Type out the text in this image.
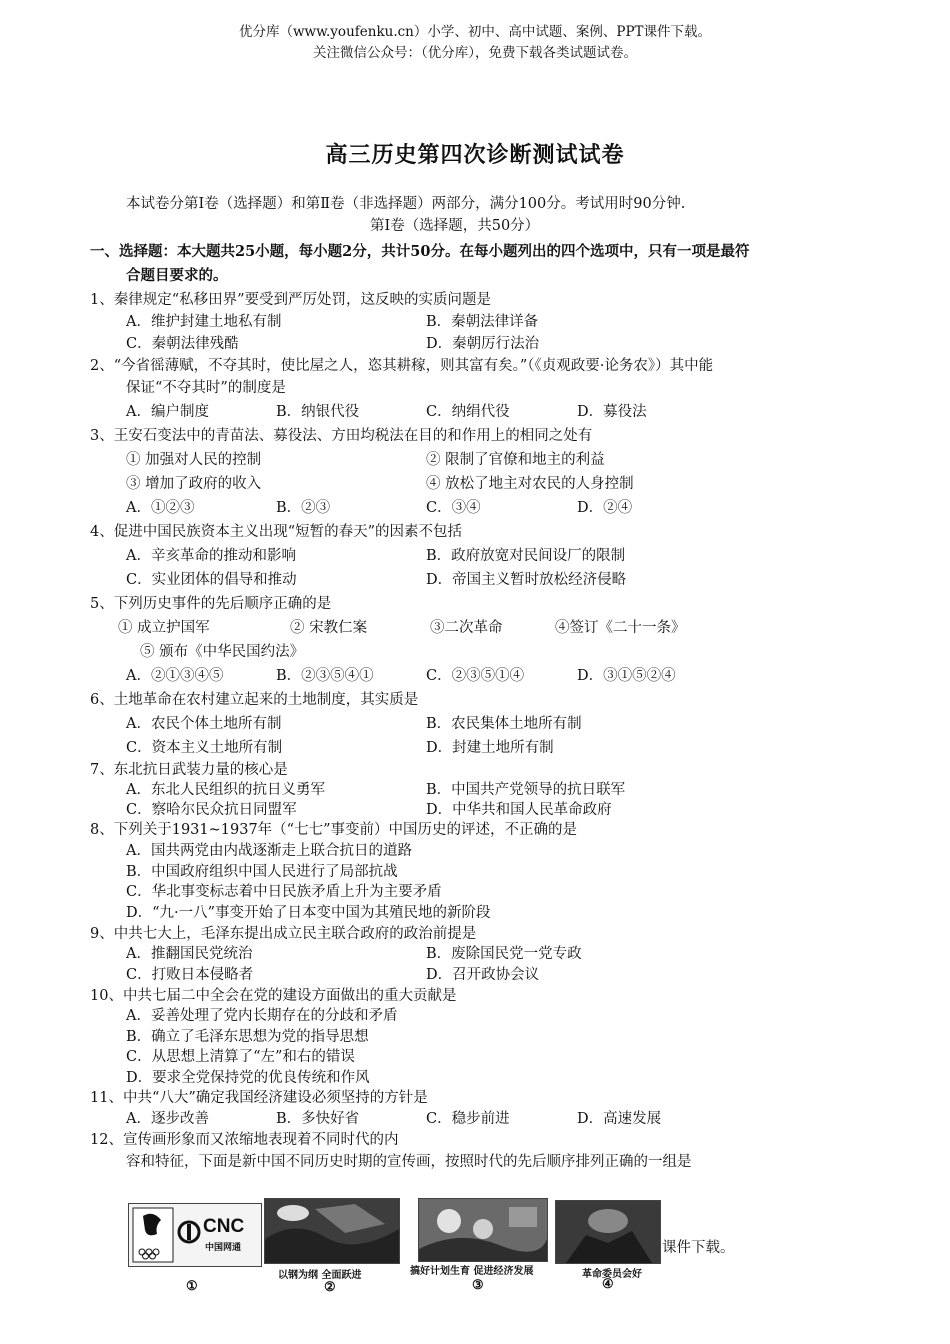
优分库（www.youfenku.cn）小学、初中、高中试题、案例、PPT课件下载。
关注微信公众号：（优分库），免费下载各类试题试卷。
高三历史第四次诊断测试试卷
本试卷分第Ⅰ卷（选择题）和第Ⅱ卷（非选择题）两部分，满分100分。考试用时90分钟.
第Ⅰ卷（选择题，共50分）
一、选择题：本大题共25小题，每小题2分，共计50分。在每小题列出的四个选项中，只有一项是最符
合题目要求的。
1、秦律规定“私移田界”要受到严厉处罚，这反映的实质问题是
A．维护封建土地私有制	B．秦朝法律详备
C．秦朝法律残酷	D．秦朝厉行法治
2、“今省徭薄赋，不夺其时，使比屋之人，恣其耕稼，则其富有矣。”（《贞观政要·论务农》）其中能
保证“不夺其时”的制度是
A．编户制度	B．纳银代役	C．纳绢代役	D．募役法
3、王安石变法中的青苗法、募役法、方田均税法在目的和作用上的相同之处有
① 加强对人民的控制	② 限制了官僚和地主的利益
③ 增加了政府的收入	④ 放松了地主对农民的人身控制
A．①②③	B．②③	C．③④	D．②④
4、促进中国民族资本主义出现“短暂的春天”的因素不包括
A．辛亥革命的推动和影响	B．政府放宽对民间设厂的限制
C．实业团体的倡导和推动	D．帝国主义暂时放松经济侵略
5、下列历史事件的先后顺序正确的是
① 成立护国军	② 宋教仁案	③二次革命	④签订《二十一条》
⑤ 颁布《中华民国约法》
A．②①③④⑤	B．②③⑤④①	C．②③⑤①④	D．③①⑤②④
6、土地革命在农村建立起来的土地制度，其实质是
A．农民个体土地所有制	B．农民集体土地所有制
C．资本主义土地所有制	D．封建土地所有制
7、东北抗日武装力量的核心是
A．东北人民组织的抗日义勇军	B．中国共产党领导的抗日联军
C．察哈尔民众抗日同盟军	D．中华共和国人民革命政府
8、下列关于1931~1937年（“七七”事变前）中国历史的评述，不正确的是
A．国共两党由内战逐渐走上联合抗日的道路
B．中国政府组织中国人民进行了局部抗战
C．华北事变标志着中日民族矛盾上升为主要矛盾
D．“九·一八”事变开始了日本变中国为其殖民地的新阶段
9、中共七大上，毛泽东提出成立民主联合政府的政治前提是
A．推翻国民党统治	B．废除国民党一党专政
C．打败日本侵略者	D．召开政协会议
10、中共七届二中全会在党的建设方面做出的重大贡献是
A．妥善处理了党内长期存在的分歧和矛盾
B．确立了毛泽东思想为党的指导思想
C．从思想上清算了“左”和右的错误
D．要求全党保持党的优良传统和作风
11、中共“八大”确定我国经济建设必须坚持的方针是
A．逐步改善	B．多快好省	C．稳步前进	D．高速发展
12、宣传画形象而又浓缩地表现着不同时代的内
容和特征，下面是新中国不同历史时期的宣传画，按照时代的先后顺序排列正确的一组是
CNC
中国网通
①
以钢为纲 全面跃进
②
搞好计划生育 促进经济发展
③
革命委员会好
④
课件下载。
